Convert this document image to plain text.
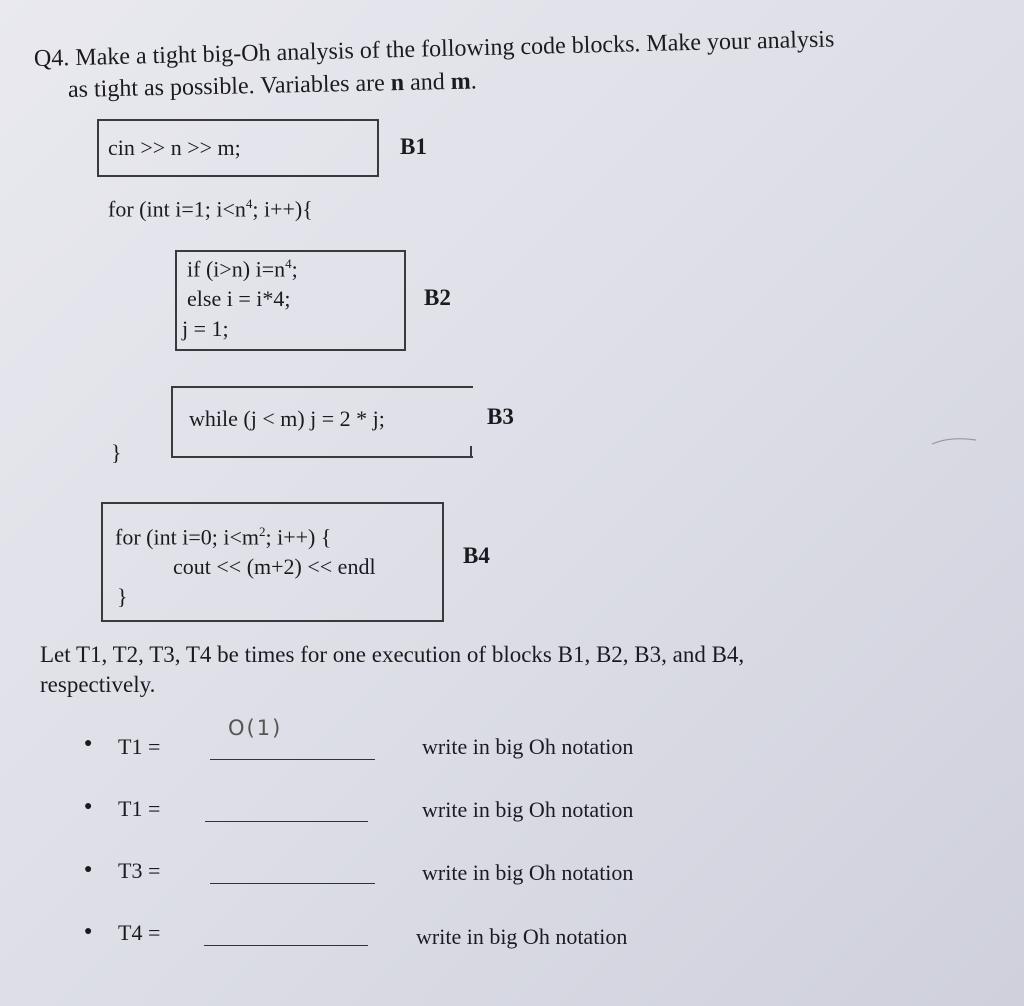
Q4. Make a tight big-Oh analysis of the following code blocks. Make your analysis
as tight as possible. Variables are n and m.
cin >> n >> m;	B1
for (int i=1; $i<n^4$; i++){
if (i>n) $i=n^4$;
else i = i*4;
j = 1;
B2
while (j < m) j = 2 * j;	B3
}
for (int i=0; $i<m^2$; i++) {
cout << (m+2) << endl
}
B4
Let T1, T2, T3, T4 be times for one execution of blocks B1, B2, B3, and B4,
respectively.
● T1 =
O(1)
write in big Oh notation
● T1 =	write in big Oh notation
● T3 =	write in big Oh notation
● T4 =	write in big Oh notation
